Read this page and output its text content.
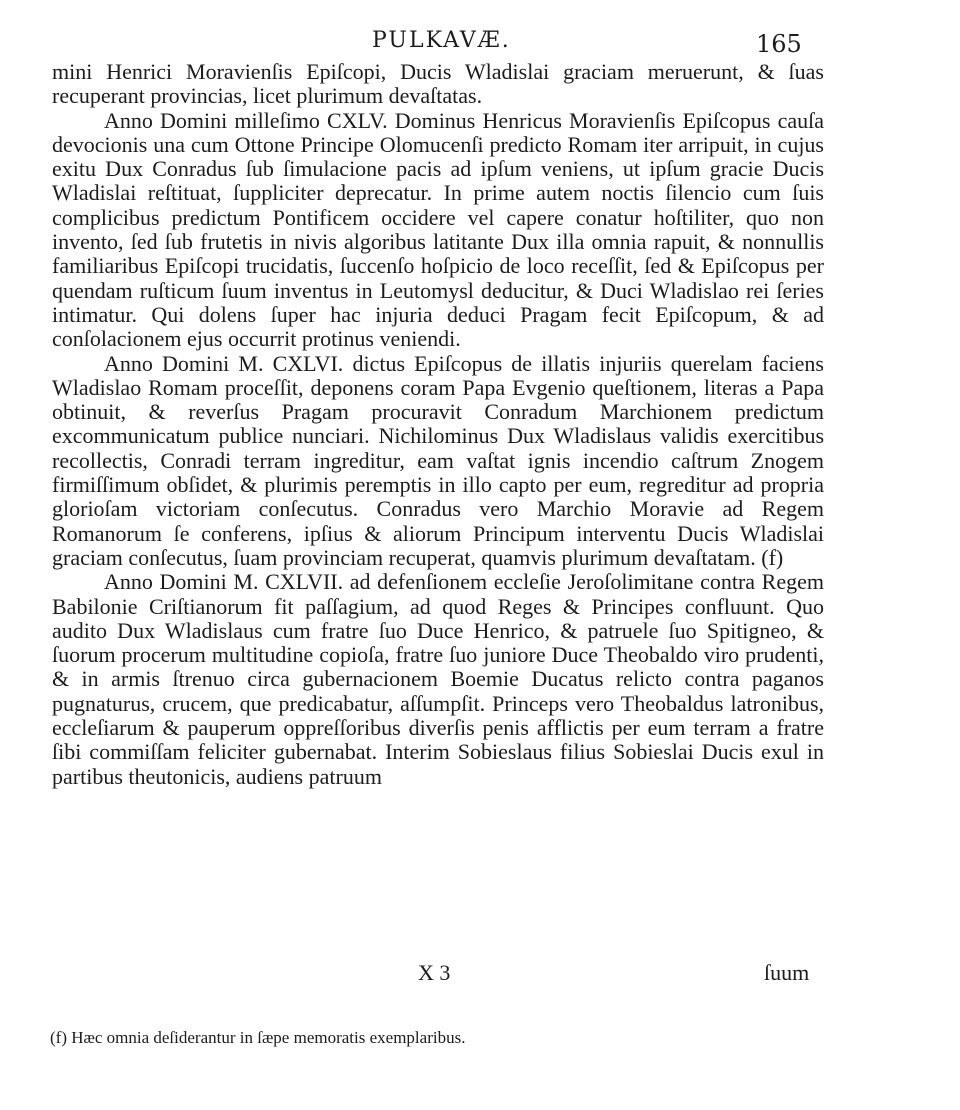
PULKAVÆ.	165

mini Henrici Moravienſis Epiſcopi, Ducis Wladislai graciam meruerunt, & ſuas recuperant provincias, licet plurimum devaſtatas.

Anno Domini milleſimo CXLV. Dominus Henricus Moravienſis Epiſcopus cauſa devocionis una cum Ottone Principe Olomucenſi predicto Romam iter arripuit, in cujus exitu Dux Conradus ſub ſimulacione pacis ad ipſum veniens, ut ipſum gracie Ducis Wladislai reſtituat, ſuppliciter deprecatur. In prime autem noctis ſilencio cum ſuis complicibus predictum Pontificem occidere vel capere conatur hoſtiliter, quo non invento, ſed ſub frutetis in nivis algoribus latitante Dux illa omnia rapuit, & nonnullis familiaribus Epiſcopi trucidatis, ſuccenſo hoſpicio de loco receſſit, ſed & Epiſcopus per quendam ruſticum ſuum inventus in Leutomysl deducitur, & Duci Wladislao rei ſeries intimatur. Qui dolens ſuper hac injuria deduci Pragam fecit Epiſcopum, & ad conſolacionem ejus occurrit protinus veniendi.

Anno Domini M. CXLVI. dictus Epiſcopus de illatis injuriis querelam faciens Wladislao Romam proceſſit, deponens coram Papa Evgenio queſtionem, literas a Papa obtinuit, & reverſus Pragam procuravit Conradum Marchionem predictum excommunicatum publice nunciari. Nichilominus Dux Wladislaus validis exercitibus recollectis, Conradi terram ingreditur, eam vaſtat ignis incendio caſtrum Znogem firmiſſimum obſidet, & plurimis peremptis in illo capto per eum, regreditur ad propria glorioſam victoriam conſecutus. Conradus vero Marchio Moravie ad Regem Romanorum ſe conferens, ipſius & aliorum Principum interventu Ducis Wladislai graciam conſecutus, ſuam provinciam recuperat, quamvis plurimum devaſtatam. (f)

Anno Domini M. CXLVII. ad defenſionem eccleſie Jeroſolimitane contra Regem Babilonie Criſtianorum fit paſſagium, ad quod Reges & Principes confluunt. Quo audito Dux Wladislaus cum fratre ſuo Duce Henrico, & patruele ſuo Spitigneo, & ſuorum procerum multitudine copioſa, fratre ſuo juniore Duce Theobaldo viro prudenti, & in armis ſtrenuo circa gubernacionem Boemie Ducatus relicto contra paganos pugnaturus, crucem, que predicabatur, aſſumpſit. Princeps vero Theobaldus latronibus, eccleſiarum & pauperum oppreſſoribus diverſis penis afflictis per eum terram a fratre ſibi commiſſam feliciter gubernabat. Interim Sobieslaus filius Sobieslai Ducis exul in partibus theutonicis, audiens patruum

X 3	ſuum
(f) Hæc omnia deſiderantur in ſæpe memoratis exemplaribus.
